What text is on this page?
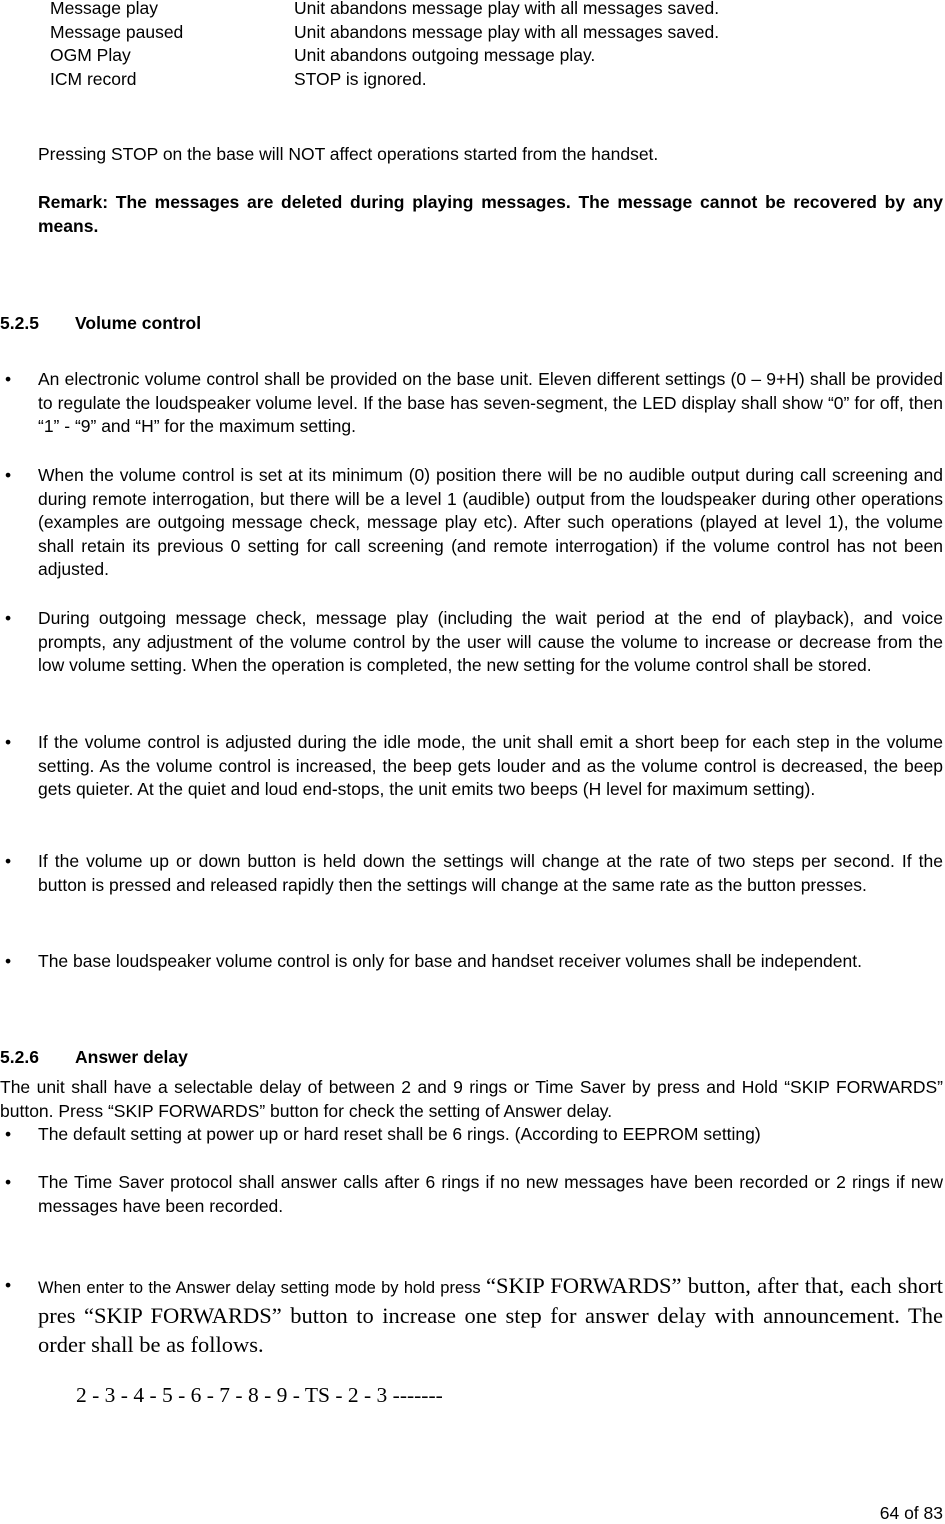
Message play	Unit abandons message play with all messages saved.
Message paused	Unit abandons message play with all messages saved.
OGM Play	Unit abandons outgoing message play.
ICM record	STOP is ignored.
Pressing STOP on the base will NOT affect operations started from the handset.
Remark: The messages are deleted during playing messages. The message cannot be recovered by any means.
5.2.5	Volume control
• An electronic volume control shall be provided on the base unit. Eleven different settings (0 – 9+H) shall be provided to regulate the loudspeaker volume level. If the base has seven-segment, the LED display shall show “0” for off, then “1” - “9” and “H” for the maximum setting.
• When the volume control is set at its minimum (0) position there will be no audible output during call screening and during remote interrogation, but there will be a level 1 (audible) output from the loudspeaker during other operations (examples are outgoing message check, message play etc). After such operations (played at level 1), the volume shall retain its previous 0 setting for call screening (and remote interrogation) if the volume control has not been adjusted.
• During outgoing message check, message play (including the wait period at the end of playback), and voice prompts, any adjustment of the volume control by the user will cause the volume to increase or decrease from the low volume setting. When the operation is completed, the new setting for the volume control shall be stored.
• If the volume control is adjusted during the idle mode, the unit shall emit a short beep for each step in the volume setting. As the volume control is increased, the beep gets louder and as the volume control is decreased, the beep gets quieter. At the quiet and loud end-stops, the unit emits two beeps (H level for maximum setting).
• If the volume up or down button is held down the settings will change at the rate of two steps per second. If the button is pressed and released rapidly then the settings will change at the same rate as the button presses.
• The base loudspeaker volume control is only for base and handset receiver volumes shall be independent.
5.2.6	Answer delay
The unit shall have a selectable delay of between 2 and 9 rings or Time Saver by press and Hold “SKIP FORWARDS” button. Press “SKIP FORWARDS” button for check the setting of Answer delay.
• The default setting at power up or hard reset shall be 6 rings. (According to EEPROM setting)
• The Time Saver protocol shall answer calls after 6 rings if no new messages have been recorded or 2 rings if new messages have been recorded.
• When enter to the Answer delay setting mode by hold press “SKIP FORWARDS” button, after that, each short pres “SKIP FORWARDS” button to increase one step for answer delay with announcement. The order shall be as follows.
2 - 3 - 4 - 5 - 6 - 7 - 8 - 9 - TS - 2 - 3 -------
64 of 83
